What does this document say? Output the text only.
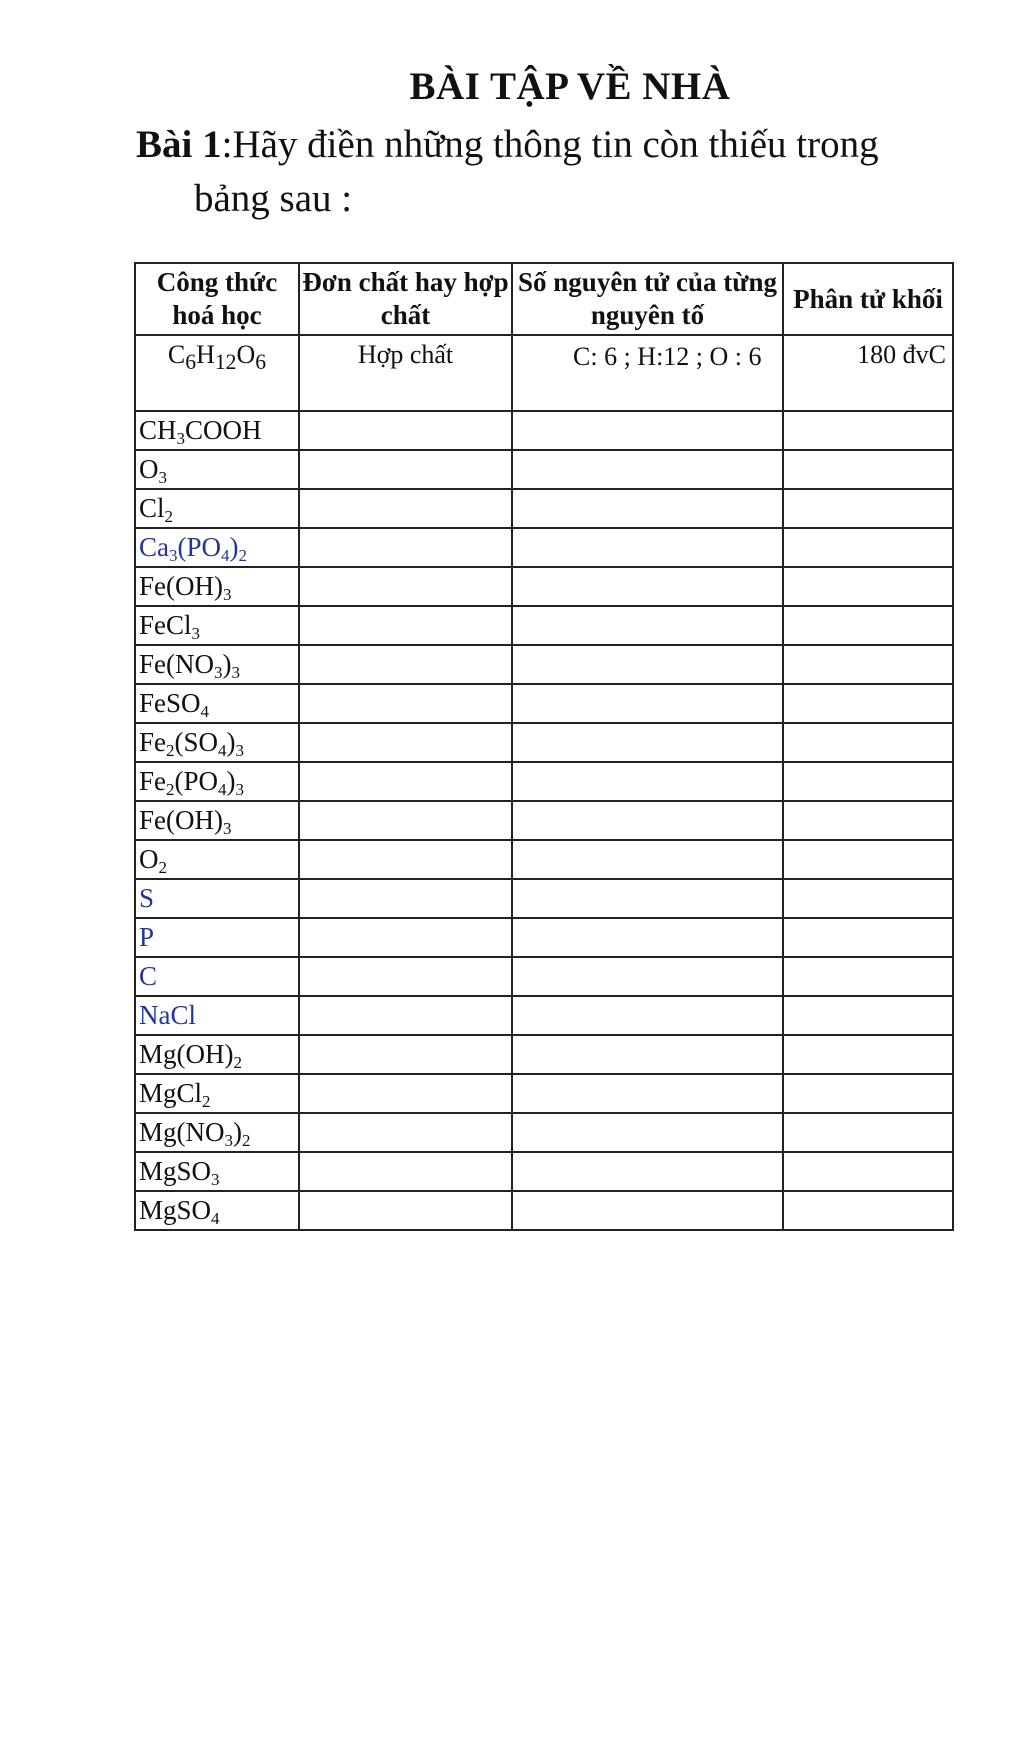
BÀI TẬP VỀ NHÀ
Bài 1:Hãy điền những thông tin còn thiếu trong
bảng sau :
Công thức hoá học	Đơn chất hay hợp chất	Số nguyên tử của từng nguyên tố	Phân tử khối
$C_6H_{12}O_6$	Hợp chất	C: 6 ; H:12 ; O : 6	180 đvC
$CH_3COOH$			
$O_3$			
$Cl_2$			
$Ca_3(PO_4)_2$			
$Fe(OH)_3$			
FeCl$_3$			
$Fe(NO_3)_3$			
FeSO$_4$			
$Fe_2(SO_4)_3$			
$Fe_2(PO_4)_3$			
$Fe(OH)_3$			
$O_2$			
S			
P			
C			
NaCl			
$Mg(OH)_2$			
MgCl$_2$			
$Mg(NO_3)_2$			
MgSO$_3$			
MgSO$_4$			
